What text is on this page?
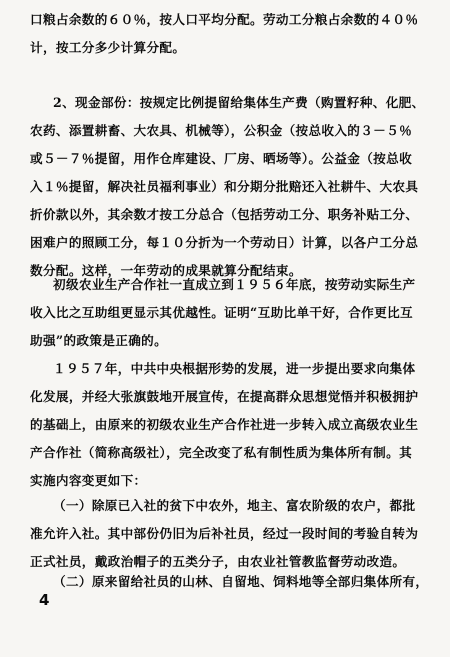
口粮占余数的６０％，按人口平均分配。劳动工分粮占余数的４０％
计，按工分多少计算分配。
2、现金部份：按规定比例提留给集体生产费（购置籽种、化肥、
农药、添置耕畜、大农具、机械等），公积金（按总收入的３－５％
或５－７％提留，用作仓库建设、厂房、晒场等）。公益金（按总收
入１％提留，解决社员福利事业）和分期分批赔还入社耕牛、大农具
折价款以外，其余数才按工分总合（包括劳动工分、职务补贴工分、
困难户的照顾工分，每１０分折为一个劳动日）计算，以各户工分总
数分配。这样，一年劳动的成果就算分配结束。
初级农业生产合作社一直成立到１９５６年底，按劳动实际生产
收入比之互助组更显示其优越性。证明“互助比单干好，合作更比互
助强”的政策是正确的。
１９５７年，中共中央根据形势的发展，进一步提出要求向集体
化发展，并经大张旗鼓地开展宣传，在提高群众思想觉悟并积极拥护
的基础上，由原来的初级农业生产合作社进一步转入成立高级农业生
产合作社（简称高级社），完全改变了私有制性质为集体所有制。其
实施内容变更如下：
（一）除原已入社的贫下中农外，地主、富农阶级的农户，都批
准允许入社。其中部份仍旧为后补社员，经过一段时间的考验自转为
正式社员，戴政治帽子的五类分子，由农业社管教监督劳动改造。
（二）原来留给社员的山林、自留地、饲料地等全部归集体所有，
4
